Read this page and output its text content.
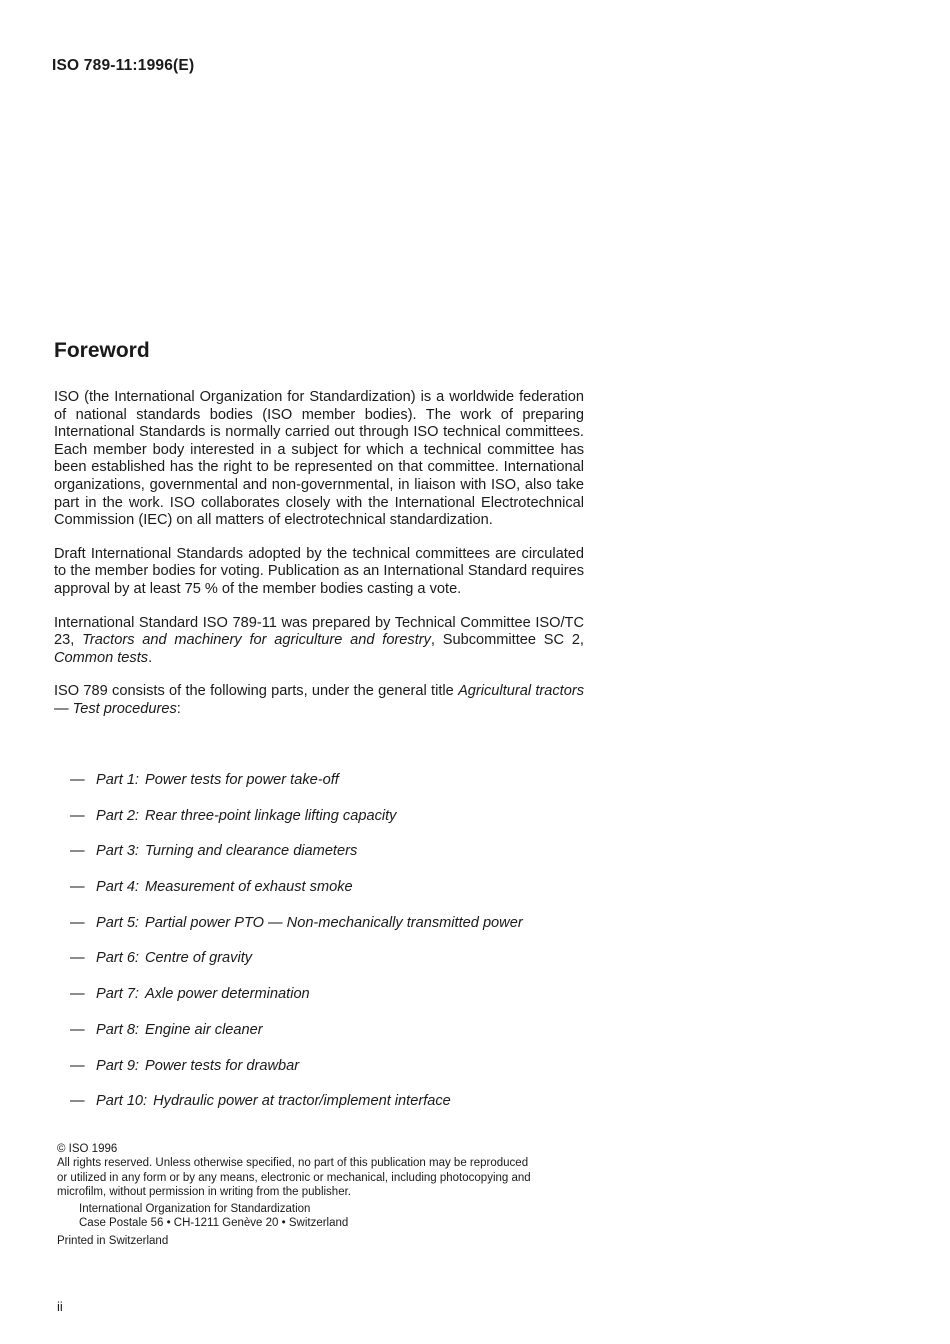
ISO 789-11:1996(E)
Foreword

ISO (the International Organization for Standardization) is a worldwide federation of national standards bodies (ISO member bodies). The work of preparing International Standards is normally carried out through ISO technical committees. Each member body interested in a subject for which a technical committee has been established has the right to be represented on that committee. International organizations, governmental and non-governmental, in liaison with ISO, also take part in the work. ISO collaborates closely with the International Electrotechnical Commission (IEC) on all matters of electrotechnical standardization.

Draft International Standards adopted by the technical committees are circulated to the member bodies for voting. Publication as an International Standard requires approval by at least 75 % of the member bodies casting a vote.

International Standard ISO 789-11 was prepared by Technical Committee ISO/TC 23, Tractors and machinery for agriculture and forestry, Subcommittee SC 2, Common tests.

ISO 789 consists of the following parts, under the general title Agricultural tractors — Test procedures:

— Part 1: Power tests for power take-off
— Part 2: Rear three-point linkage lifting capacity
— Part 3: Turning and clearance diameters
— Part 4: Measurement of exhaust smoke
— Part 5: Partial power PTO — Non-mechanically transmitted power
— Part 6: Centre of gravity
— Part 7: Axle power determination
— Part 8: Engine air cleaner
— Part 9: Power tests for drawbar
— Part 10: Hydraulic power at tractor/implement interface
© ISO 1996
All rights reserved. Unless otherwise specified, no part of this publication may be reproduced
or utilized in any form or by any means, electronic or mechanical, including photocopying and
microfilm, without permission in writing from the publisher.
International Organization for Standardization
Case Postale 56 • CH-1211 Genève 20 • Switzerland
Printed in Switzerland
ii
